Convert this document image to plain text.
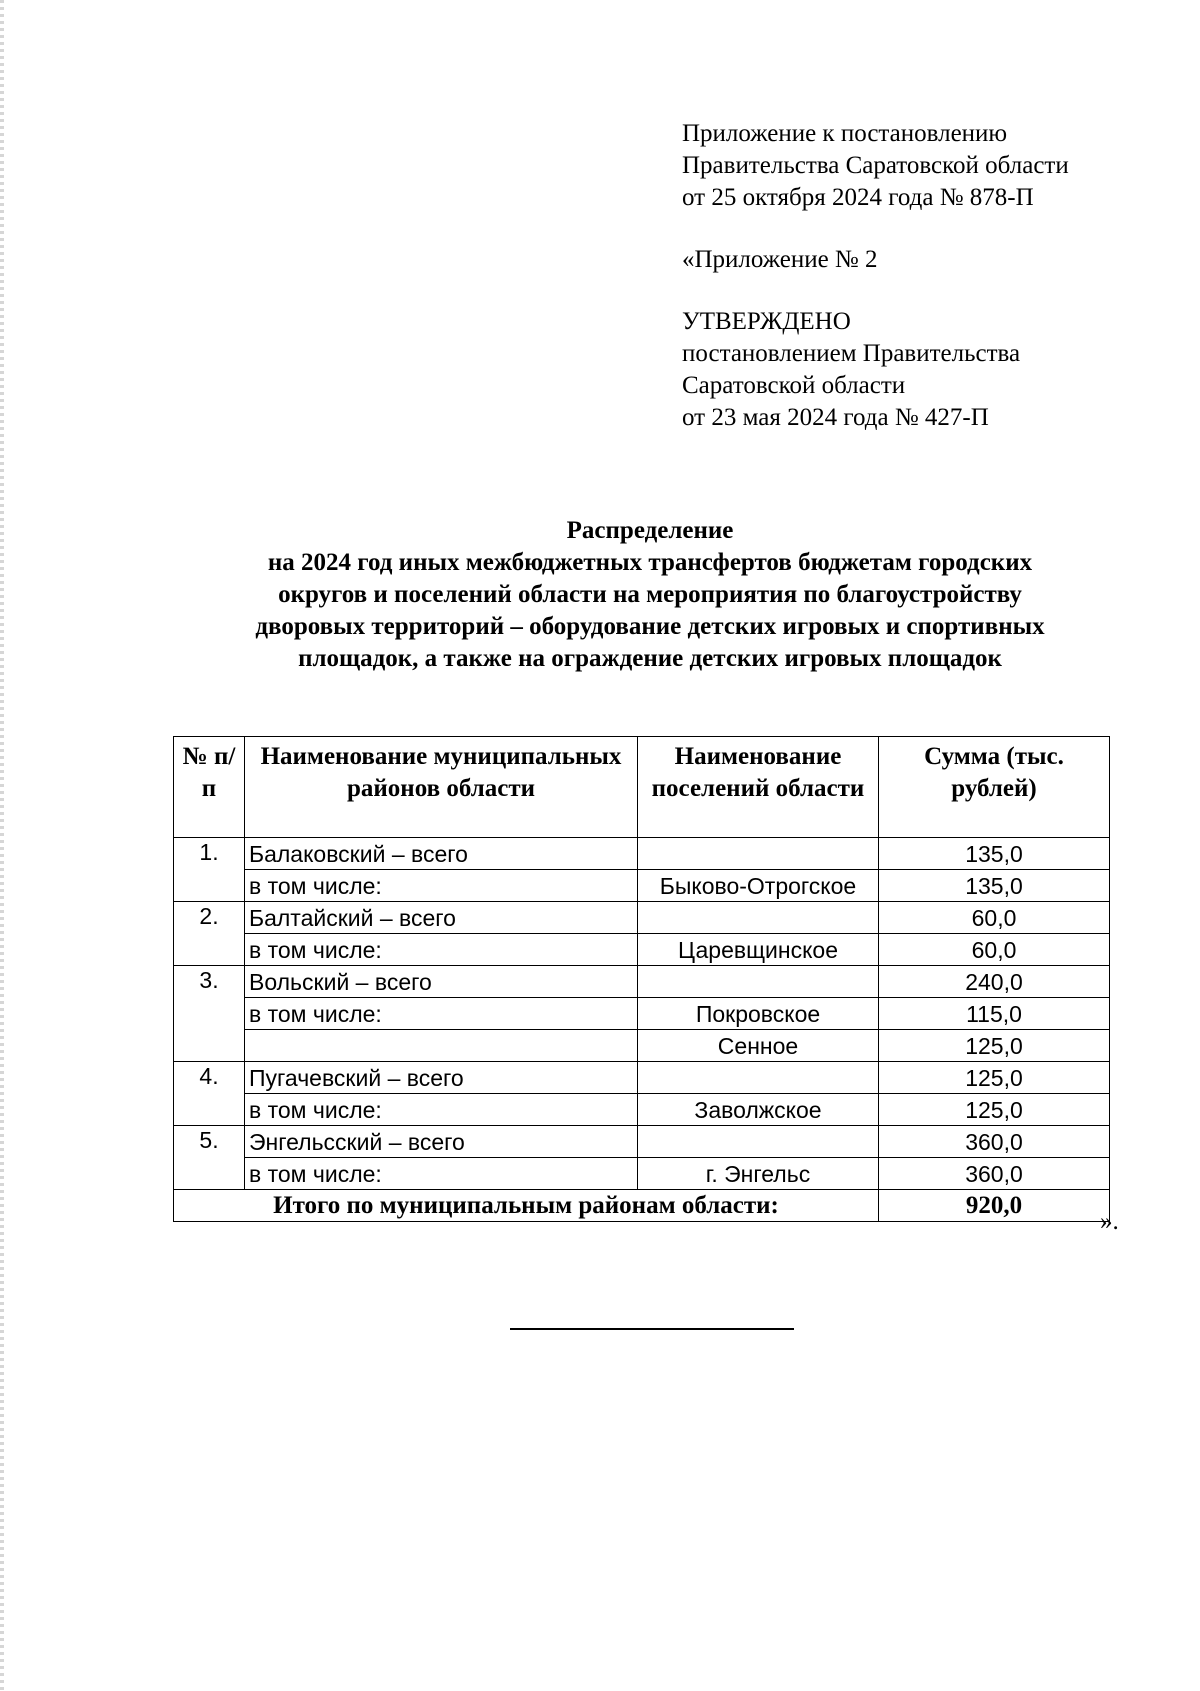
Приложение к постановлению
Правительства Саратовской области
от 25 октября 2024 года № 878-П
«Приложение № 2
УТВЕРЖДЕНО
постановлением Правительства
Саратовской области
от 23 мая 2024 года № 427-П
Распределение
на 2024 год иных межбюджетных трансфертов бюджетам городских
округов и поселений области на мероприятия по благоустройству
дворовых территорий – оборудование детских игровых и спортивных
площадок, а также на ограждение детских игровых площадок
№ п/п	Наименование муниципальных районов области	Наименование поселений области	Сумма (тыс. рублей)
1.	Балаковский – всего		135,0
	в том числе:	Быково-Отрогское	135,0
2.	Балтайский – всего		60,0
	в том числе:	Царевщинское	60,0
3.	Вольский – всего		240,0
	в том числе:	Покровское	115,0
		Сенное	125,0
4.	Пугачевский – всего		125,0
	в том числе:	Заволжское	125,0
5.	Энгельсский – всего		360,0
	в том числе:	г. Энгельс	360,0
Итого по муниципальным районам области:			920,0
».
